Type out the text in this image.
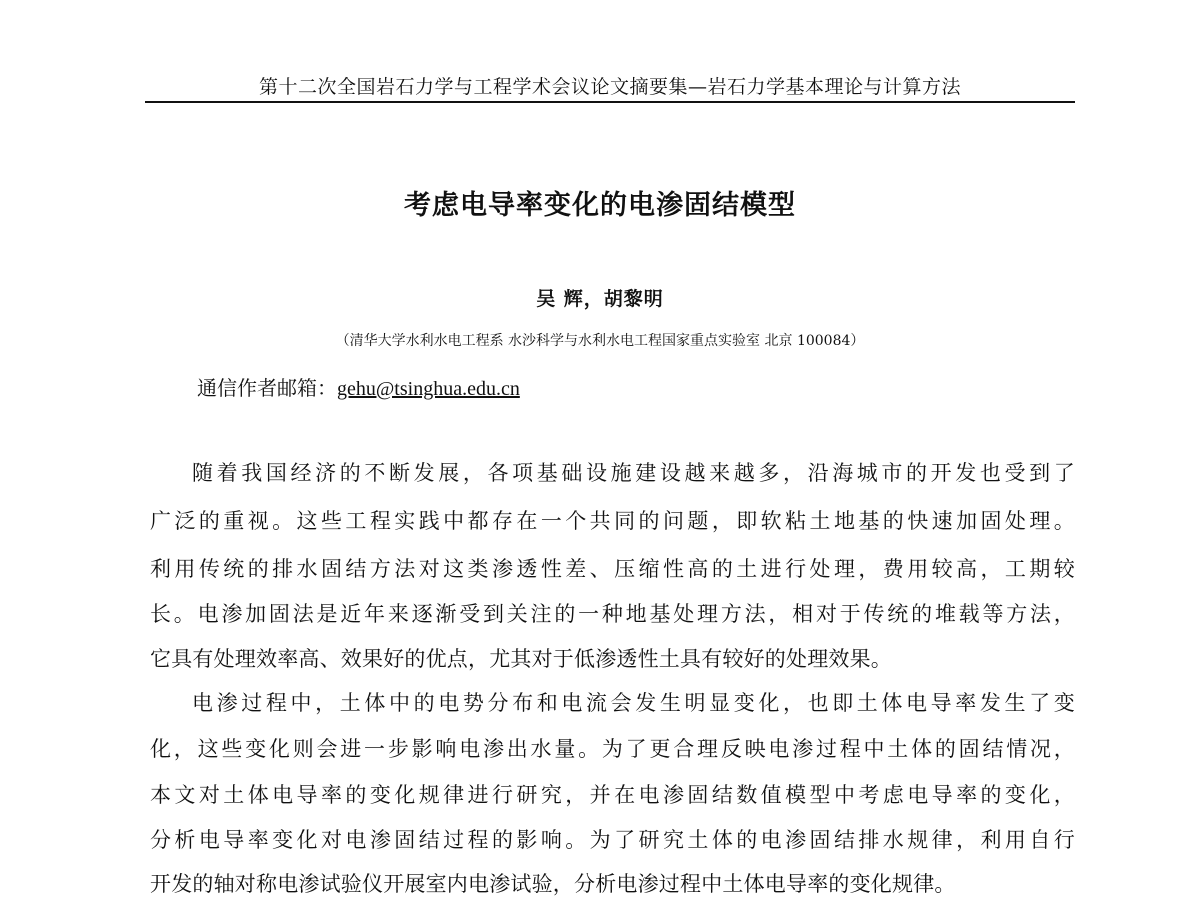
第十二次全国岩石力学与工程学术会议论文摘要集—岩石力学基本理论与计算方法
考虑电导率变化的电渗固结模型
吴 辉，胡黎明
（清华大学水利水电工程系 水沙科学与水利水电工程国家重点实验室 北京 100084）
通信作者邮箱：gehu@tsinghua.edu.cn
随着我国经济的不断发展，各项基础设施建设越来越多，沿海城市的开发也受到了
广泛的重视。这些工程实践中都存在一个共同的问题，即软粘土地基的快速加固处理。
利用传统的排水固结方法对这类渗透性差、压缩性高的土进行处理，费用较高，工期较
长。电渗加固法是近年来逐渐受到关注的一种地基处理方法，相对于传统的堆载等方法，
它具有处理效率高、效果好的优点，尤其对于低渗透性土具有较好的处理效果。
电渗过程中，土体中的电势分布和电流会发生明显变化，也即土体电导率发生了变
化，这些变化则会进一步影响电渗出水量。为了更合理反映电渗过程中土体的固结情况，
本文对土体电导率的变化规律进行研究，并在电渗固结数值模型中考虑电导率的变化，
分析电导率变化对电渗固结过程的影响。为了研究土体的电渗固结排水规律，利用自行
开发的轴对称电渗试验仪开展室内电渗试验，分析电渗过程中土体电导率的变化规律。
